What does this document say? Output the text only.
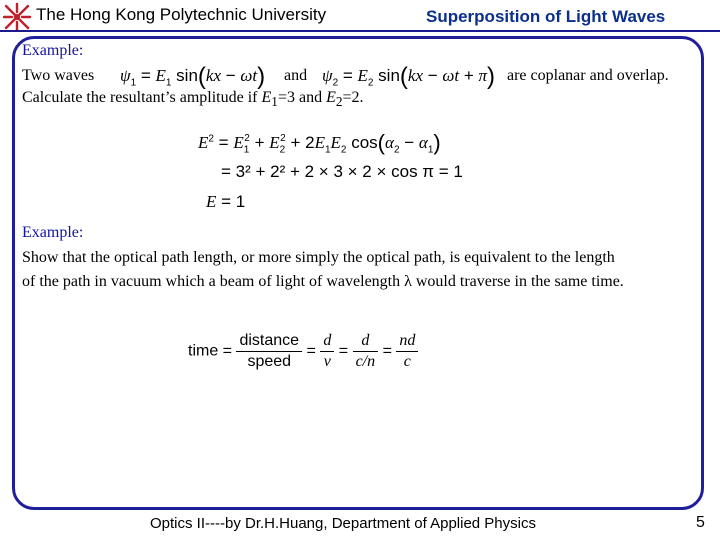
The Hong Kong Polytechnic University	Superposition of Light Waves
Example:
Two waves $\psi_1 = E_1$ sin(kx − ωt) and $\psi_2 = E_2$ sin(kx − ωt + π) are coplanar and overlap.
Calculate the resultant’s amplitude if $E_1=3$ and $E_2=2$.
$E^2 = E_1^2 + E_2^2 + 2E_1E_2$ $\cos(\alpha_2 - \alpha_1)$
= 3² + 2² + 2 × 3 × 2 × cos π = 1
E = 1
Example:
Show that the optical path length, or more simply the optical path, is equivalent to the length
of the path in vacuum which a beam of light of wavelength λ would traverse in the same time.
time = $\frac{\text{distance}}{\text{speed}} = \frac{d}{v} = \frac{d}{c/n} = \frac{nd}{c}$
Optics II----by Dr.H.Huang, Department of Applied Physics	5
